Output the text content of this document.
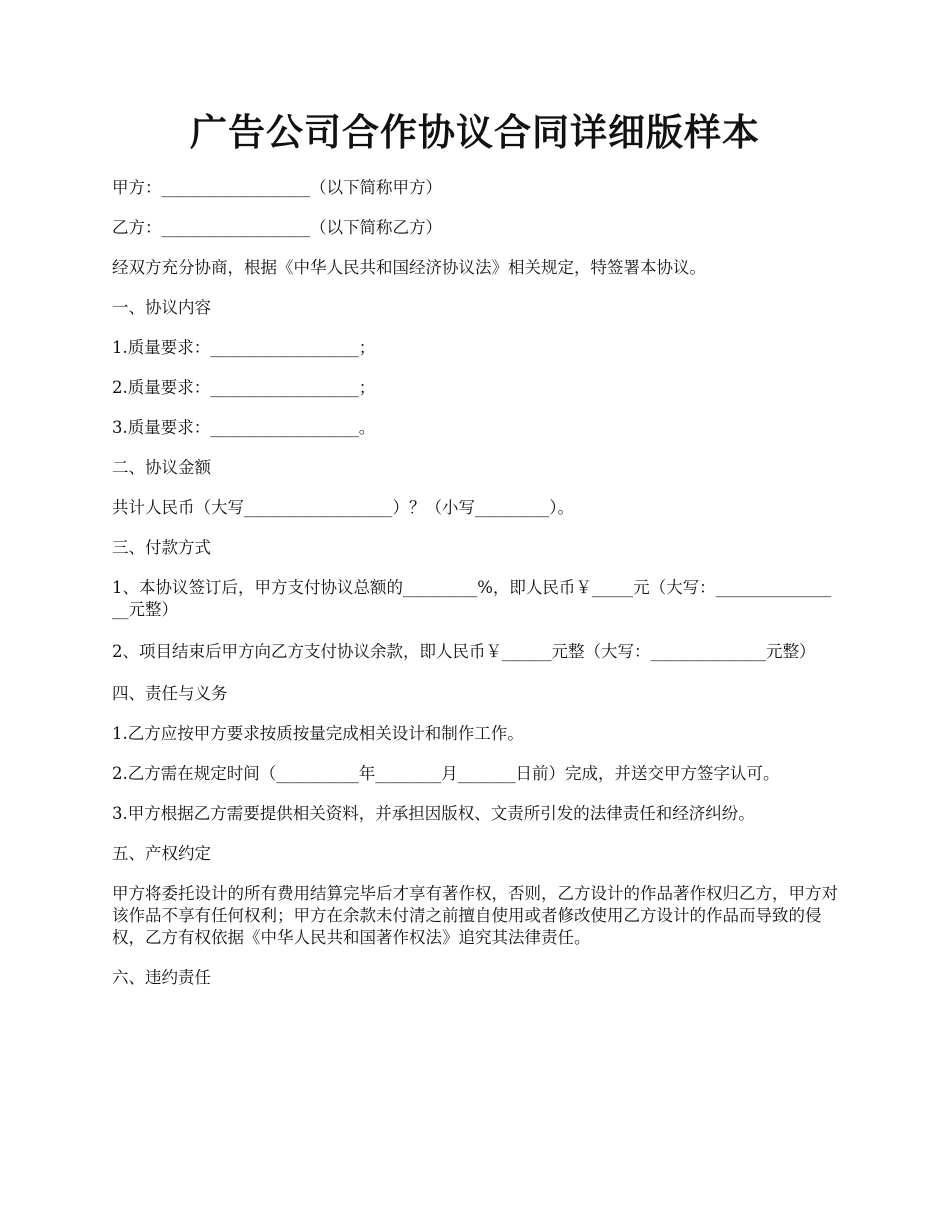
广告公司合作协议合同详细版样本

甲方：__________________（以下简称甲方）

乙方：__________________（以下简称乙方）

经双方充分协商，根据《中华人民共和国经济协议法》相关规定，特签署本协议。

一、协议内容

1.质量要求：__________________；

2.质量要求：__________________；

3.质量要求：__________________。

二、协议金额

共计人民币（大写__________________）？（小写_________）。

三、付款方式

1、本协议签订后，甲方支付协议总额的_________%，即人民币￥_____元（大写：________________元整）

2、项目结束后甲方向乙方支付协议余款，即人民币￥______元整（大写：______________元整）

四、责任与义务

1.乙方应按甲方要求按质按量完成相关设计和制作工作。

2.乙方需在规定时间（__________年________月_______日前）完成，并送交甲方签字认可。

3.甲方根据乙方需要提供相关资料，并承担因版权、文责所引发的法律责任和经济纠纷。

五、产权约定

甲方将委托设计的所有费用结算完毕后才享有著作权，否则，乙方设计的作品著作权归乙方，甲方对该作品不享有任何权利；甲方在余款未付清之前擅自使用或者修改使用乙方设计的作品而导致的侵权，乙方有权依据《中华人民共和国著作权法》追究其法律责任。

六、违约责任
